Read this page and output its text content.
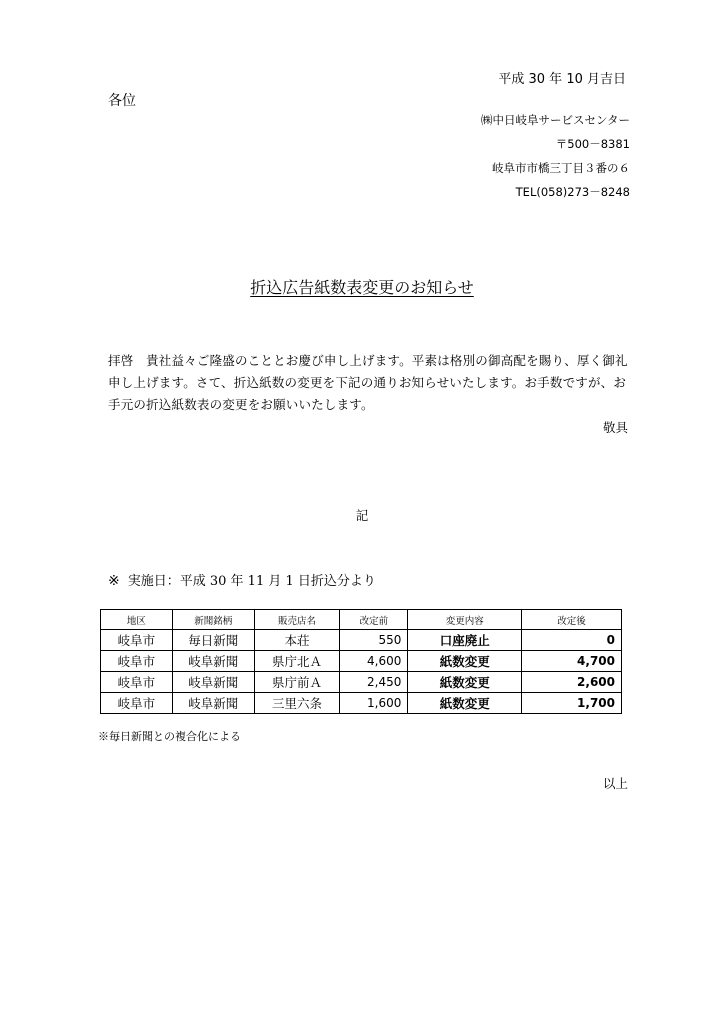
平成 30 年 10 月吉日
各位
㈱中日岐阜サービスセンター
〒500－8381
岐阜市市橋三丁目３番の６
TEL(058)273－8248
折込広告紙数表変更のお知らせ
拝啓　貴社益々ご隆盛のこととお慶び申し上げます。平素は格別の御高配を賜り、厚く御礼申し上げます。さて、折込紙数の変更を下記の通りお知らせいたします。お手数ですが、お手元の折込紙数表の変更をお願いいたします。
敬具
記
※ 実施日：平成 30 年 11 月 1 日折込分より
地区	新聞銘柄	販売店名	改定前	変更内容	改定後
岐阜市	毎日新聞	本荘	550	口座廃止	0
岐阜市	岐阜新聞	県庁北Ａ	4,600	紙数変更	4,700
岐阜市	岐阜新聞	県庁前Ａ	2,450	紙数変更	2,600
岐阜市	岐阜新聞	三里六条	1,600	紙数変更	1,700
※毎日新聞との複合化による
以上
